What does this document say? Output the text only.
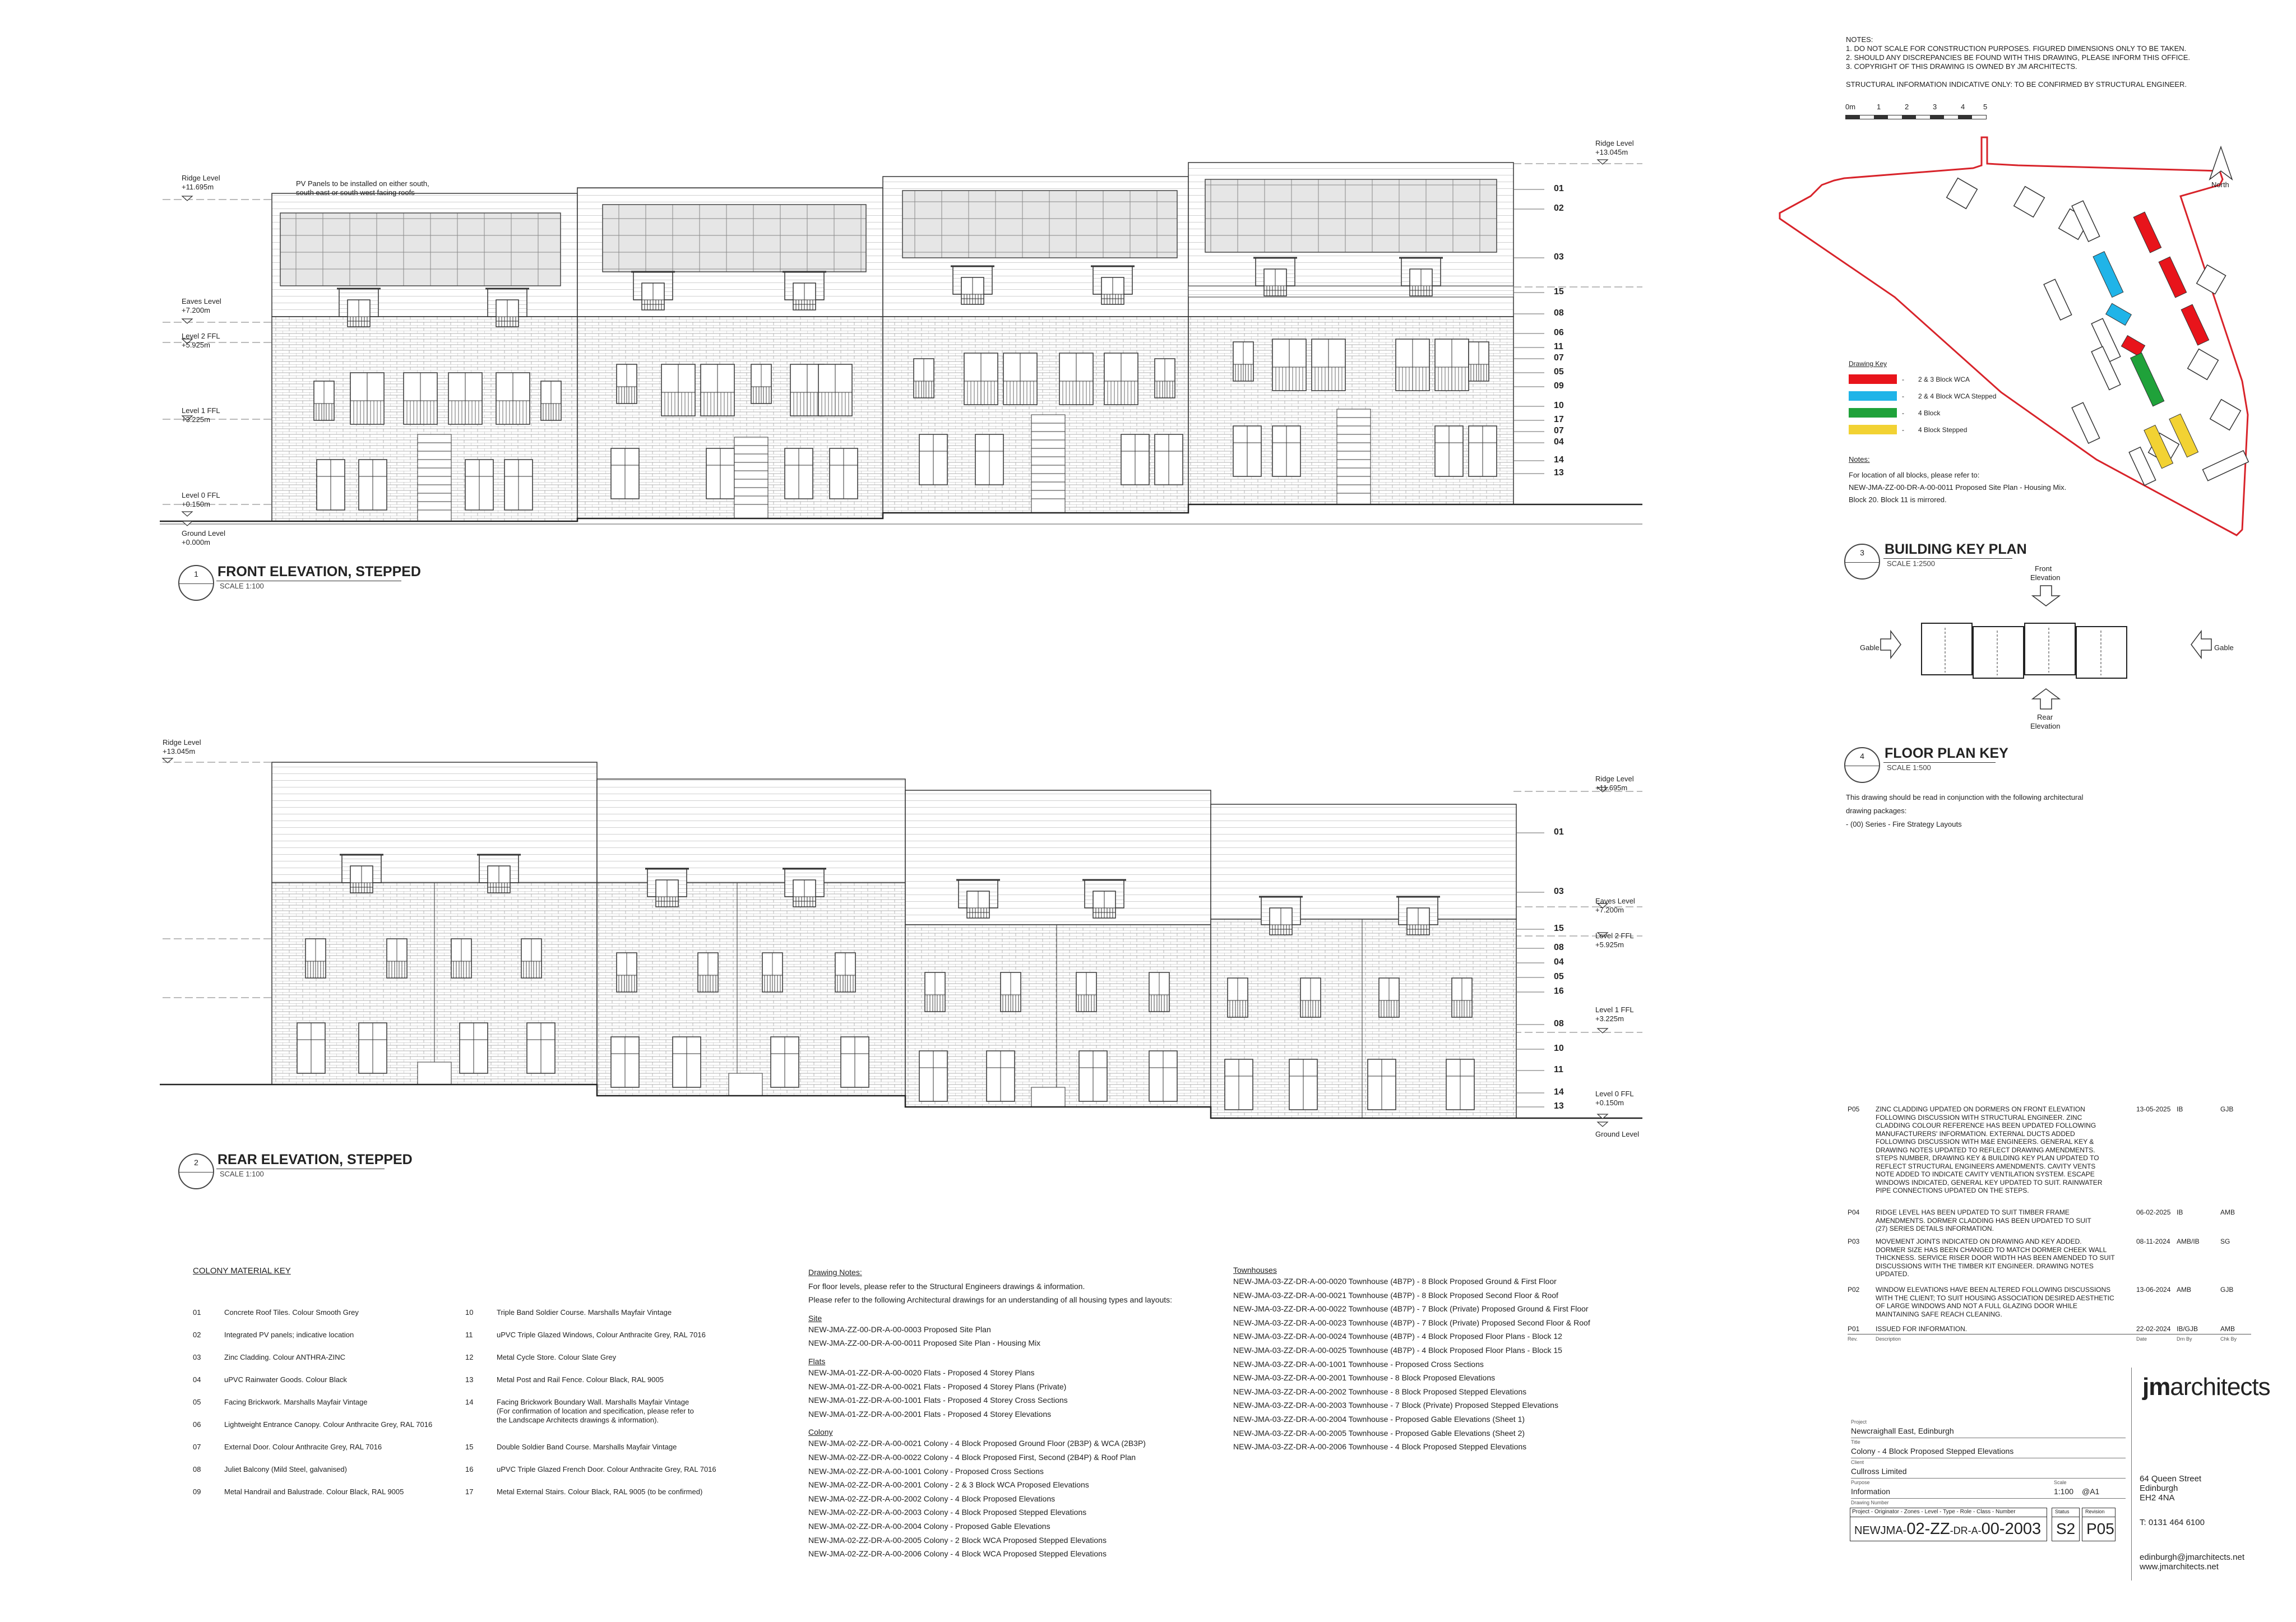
NOTES:
1. DO NOT SCALE FOR CONSTRUCTION PURPOSES. FIGURED DIMENSIONS ONLY TO BE TAKEN.
2. SHOULD ANY DISCREPANCIES BE FOUND WITH THIS DRAWING, PLEASE INFORM THIS OFFICE.
3. COPYRIGHT OF THIS DRAWING IS OWNED BY JM ARCHITECTS.
STRUCTURAL INFORMATION INDICATIVE ONLY: TO BE CONFIRMED BY STRUCTURAL ENGINEER.
0m	1	2	3	4	5
Ridge Level
+11.695m
Eaves Level
+7.200m
Level 2 FFL
+5.925m
Level 1 FFL
+3.225m
Level 0 FFL
+0.150m
Ground Level
+0.000m
Ridge Level
+13.045m
PV Panels to be installed on either south,
south east or south west facing roofs	01
02
03
15
08
06
11
07
05
09
10
17
07
04
14
13
1	FRONT ELEVATION, STEPPED
SCALE 1:100
Ridge Level
+13.045m
Ridge Level
+11.695m
Eaves Level
+7.200m
Level 2 FFL
+5.925m
Level 1 FFL
+3.225m
Level 0 FFL
+0.150m
Ground Level
01
03
15
08
04
05
16
08
10
11
14
13
2	REAR ELEVATION, STEPPED
SCALE 1:100
North
Drawing Key
- 2 & 3 Block WCA
- 2 & 4 Block WCA Stepped
- 4 Block
- 4 Block Stepped
Notes:
For location of all blocks, please refer to:
NEW-JMA-ZZ-00-DR-A-00-0011 Proposed Site Plan - Housing Mix.
Block 20. Block 11 is mirrored.
3	BUILDING KEY PLAN
SCALE 1:2500
Front
Elevation
Rear
Elevation
Gable	Gable
4	FLOOR PLAN KEY
SCALE 1:500
This drawing should be read in conjunction with the following architectural
drawing packages:
- (00) Series - Fire Strategy Layouts
COLONY MATERIAL KEY
01	Concrete Roof Tiles. Colour Smooth Grey
02	Integrated PV panels; indicative location
03	Zinc Cladding. Colour ANTHRA-ZINC
04	uPVC Rainwater Goods. Colour Black
05	Facing Brickwork. Marshalls Mayfair Vintage
06	Lightweight Entrance Canopy. Colour Anthracite Grey, RAL 7016
07	External Door. Colour Anthracite Grey, RAL 7016
08	Juliet Balcony (Mild Steel, galvanised)
09	Metal Handrail and Balustrade. Colour Black, RAL 9005
10	Triple Band Soldier Course. Marshalls Mayfair Vintage
11	uPVC Triple Glazed Windows, Colour Anthracite Grey, RAL 7016
12	Metal Cycle Store. Colour Slate Grey
13	Metal Post and Rail Fence. Colour Black, RAL 9005
14	Facing Brickwork Boundary Wall. Marshalls Mayfair Vintage
(For confirmation of location and specification, please refer to
the Landscape Architects drawings & information).
15	Double Soldier Band Course. Marshalls Mayfair Vintage
16	uPVC Triple Glazed French Door. Colour Anthracite Grey, RAL 7016
17	Metal External Stairs. Colour Black, RAL 9005 (to be confirmed)
Drawing Notes:
For floor levels, please refer to the Structural Engineers drawings & information.
Please refer to the following Architectural drawings for an understanding of all housing types and layouts:
Site
NEW-JMA-ZZ-00-DR-A-00-0003 Proposed Site Plan
NEW-JMA-ZZ-00-DR-A-00-0011 Proposed Site Plan - Housing Mix
Flats
NEW-JMA-01-ZZ-DR-A-00-0020 Flats - Proposed 4 Storey Plans
NEW-JMA-01-ZZ-DR-A-00-0021 Flats - Proposed 4 Storey Plans (Private)
NEW-JMA-01-ZZ-DR-A-00-1001 Flats - Proposed 4 Storey Cross Sections
NEW-JMA-01-ZZ-DR-A-00-2001 Flats - Proposed 4 Storey Elevations
Colony
NEW-JMA-02-ZZ-DR-A-00-0021 Colony - 4 Block Proposed Ground Floor (2B3P) & WCA (2B3P)
NEW-JMA-02-ZZ-DR-A-00-0022 Colony - 4 Block Proposed First, Second (2B4P) & Roof Plan
NEW-JMA-02-ZZ-DR-A-00-1001 Colony - Proposed Cross Sections
NEW-JMA-02-ZZ-DR-A-00-2001 Colony - 2 & 3 Block WCA Proposed Elevations
NEW-JMA-02-ZZ-DR-A-00-2002 Colony - 4 Block Proposed Elevations
NEW-JMA-02-ZZ-DR-A-00-2003 Colony - 4 Block Proposed Stepped Elevations
NEW-JMA-02-ZZ-DR-A-00-2004 Colony - Proposed Gable Elevations
NEW-JMA-02-ZZ-DR-A-00-2005 Colony - 2 Block WCA Proposed Stepped Elevations
NEW-JMA-02-ZZ-DR-A-00-2006 Colony - 4 Block WCA Proposed Stepped Elevations
Townhouses
NEW-JMA-03-ZZ-DR-A-00-0020 Townhouse (4B7P) - 8 Block Proposed Ground & First Floor
NEW-JMA-03-ZZ-DR-A-00-0021 Townhouse (4B7P) - 8 Block Proposed Second Floor & Roof
NEW-JMA-03-ZZ-DR-A-00-0022 Townhouse (4B7P) - 7 Block (Private) Proposed Ground & First Floor
NEW-JMA-03-ZZ-DR-A-00-0023 Townhouse (4B7P) - 7 Block (Private) Proposed Second Floor & Roof
NEW-JMA-03-ZZ-DR-A-00-0024 Townhouse (4B7P) - 4 Block Proposed Floor Plans - Block 12
NEW-JMA-03-ZZ-DR-A-00-0025 Townhouse (4B7P) - 4 Block Proposed Floor Plans - Block 15
NEW-JMA-03-ZZ-DR-A-00-1001 Townhouse - Proposed Cross Sections
NEW-JMA-03-ZZ-DR-A-00-2001 Townhouse - 8 Block Proposed Elevations
NEW-JMA-03-ZZ-DR-A-00-2002 Townhouse - 8 Block Proposed Stepped Elevations
NEW-JMA-03-ZZ-DR-A-00-2003 Townhouse - 7 Block (Private) Proposed Stepped Elevations
NEW-JMA-03-ZZ-DR-A-00-2004 Townhouse - Proposed Gable Elevations (Sheet 1)
NEW-JMA-03-ZZ-DR-A-00-2005 Townhouse - Proposed Gable Elevations (Sheet 2)
NEW-JMA-03-ZZ-DR-A-00-2006 Townhouse - 4 Block Proposed Stepped Elevations
P05 ZINC CLADDING UPDATED ON DORMERS ON FRONT ELEVATION
FOLLOWING DISCUSSION WITH STRUCTURAL ENGINEER. ZINC
CLADDING COLOUR REFERENCE HAS BEEN UPDATED FOLLOWING
MANUFACTURERS' INFORMATION. EXTERNAL DUCTS ADDED
FOLLOWING DISCUSSION WITH M&E ENGINEERS. GENERAL KEY &
DRAWING NOTES UPDATED TO REFLECT DRAWING AMENDMENTS.
STEPS NUMBER, DRAWING KEY & BUILDING KEY PLAN UPDATED TO
REFLECT STRUCTURAL ENGINEERS AMENDMENTS. CAVITY VENTS
NOTE ADDED TO INDICATE CAVITY VENTILATION SYSTEM. ESCAPE
WINDOWS INDICATED, GENERAL KEY UPDATED TO SUIT. RAINWATER
PIPE CONNECTIONS UPDATED ON THE STEPS.
13-05-2025 IB	GJB
P04 RIDGE LEVEL HAS BEEN UPDATED TO SUIT TIMBER FRAME
AMENDMENTS. DORMER CLADDING HAS BEEN UPDATED TO SUIT
(27) SERIES DETAILS INFORMATION.
06-02-2025 IB	AMB
P03 MOVEMENT JOINTS INDICATED ON DRAWING AND KEY ADDED.
DORMER SIZE HAS BEEN CHANGED TO MATCH DORMER CHEEK WALL
THICKNESS. SERVICE RISER DOOR WIDTH HAS BEEN AMENDED TO SUIT
DISCUSSIONS WITH THE TIMBER KIT ENGINEER. DRAWING NOTES
UPDATED.
08-11-2024 AMB/IB	SG
P02 WINDOW ELEVATIONS HAVE BEEN ALTERED FOLLOWING DISCUSSIONS
WITH THE CLIENT; TO SUIT HOUSING ASSOCIATION DESIRED AESTHETIC
OF LARGE WINDOWS AND NOT A FULL GLAZING DOOR WHILE
MAINTAINING SAFE REACH CLEANING.
13-06-2024 AMB	GJB
P01 ISSUED FOR INFORMATION.	22-02-2024 IB/GJB	AMB
Rev.	Description	Date	Drn By	Chk By
jmarchitects
Project
Newcraighall East, Edinburgh
Title
Colony - 4 Block Proposed Stepped Elevations
Client
Cullross Limited
Purpose
Information
Scale
1:100 @A1
Drawing Number
Project - Originator - Zones - Level - Type - Role - Class - Number
NEWJMA-02-ZZ-DR-A-00-2003
Status
S2
Revision
P05
64 Queen Street
Edinburgh
EH2 4NA
T: 0131 464 6100
edinburgh@jmarchitects.net
www.jmarchitects.net
